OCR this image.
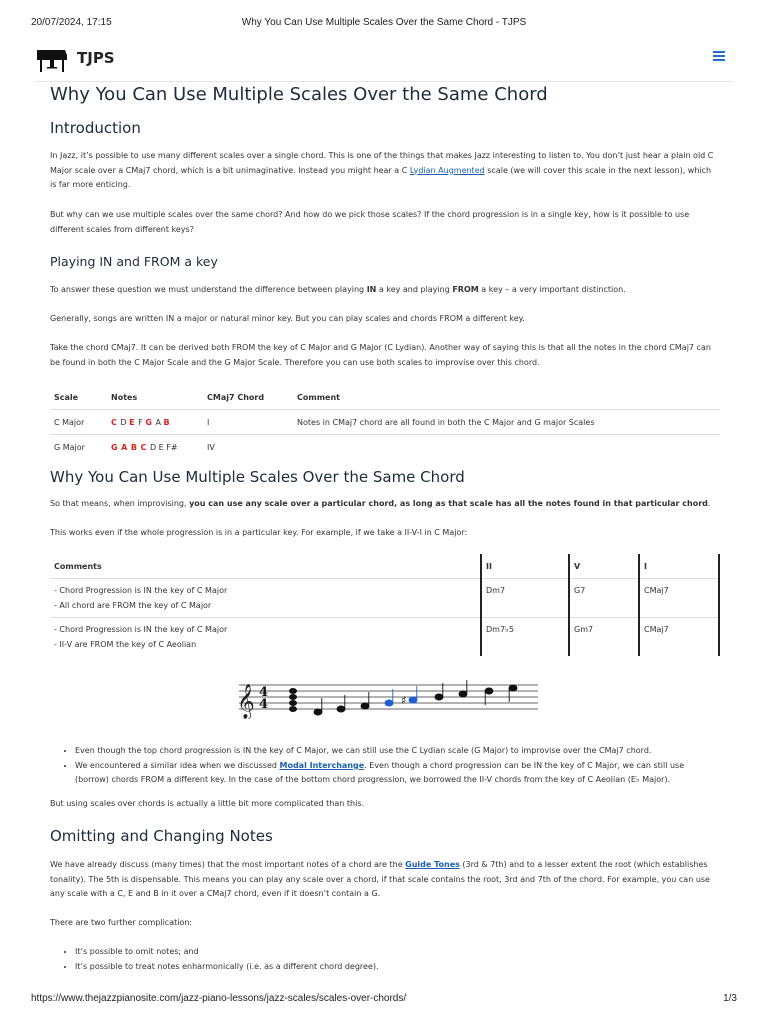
20/07/2024, 17:15	Why You Can Use Multiple Scales Over the Same Chord - TJPS
TJPS
Why You Can Use Multiple Scales Over the Same Chord
Introduction

In Jazz, it’s possible to use many different scales over a single chord. This is one of the things that makes Jazz interesting to listen to. You don’t just hear a plain old C Major scale over a CMaj7 chord, which is a bit unimaginative. Instead you might hear a C Lydian Augmented scale (we will cover this scale in the next lesson), which is far more enticing.

But why can we use multiple scales over the same chord? And how do we pick those scales? If the chord progression is in a single key, how is it possible to use different scales from different keys?

Playing IN and FROM a key

To answer these question we must understand the difference between playing IN a key and playing FROM a key – a very important distinction.

Generally, songs are written IN a major or natural minor key. But you can play scales and chords FROM a different key.

Take the chord CMaj7. It can be derived both FROM the key of C Major and G Major (C Lydian). Another way of saying this is that all the notes in the chord CMaj7 can be found in both the C Major Scale and the G Major Scale. Therefore you can use both scales to improvise over this chord.

Scale	Notes	CMaj7 Chord	Comment
C Major	C D E F G A B	I	Notes in CMaj7 chord are all found in both the C Major and G major Scales
G Major	G A B C D E F#	IV	
Why You Can Use Multiple Scales Over the Same Chord

So that means, when improvising, you can use any scale over a particular chord, as long as that scale has all the notes found in that particular chord.

This works even if the whole progression is in a particular key. For example, if we take a II-V-I in C Major:

Comments	II	V	I

- Chord Progression is IN the key of C Major
- All chord are FROM the key of C Major	Dm7	G7	CMaj7

- Chord Progression is IN the key of C Major
- II-V are FROM the key of C Aeolian	Dm7♭5	Gm7	CMaj7
𝄞 4
4	♯
• Even though the top chord progression is IN the key of C Major, we can still use the C Lydian scale (G Major) to improvise over the CMaj7 chord.
• We encountered a similar idea when we discussed Modal Interchange. Even though a chord progression can be IN the key of C Major, we can still use (borrow) chords FROM a different key. In the case of the bottom chord progression, we borrowed the II-V chords from the key of C Aeolian (E♭ Major).

But using scales over chords is actually a little bit more complicated than this.

Omitting and Changing Notes

We have already discuss (many times) that the most important notes of a chord are the Guide Tones (3rd & 7th) and to a lesser extent the root (which establishes tonality). The 5th is dispensable. This means you can play any scale over a chord, if that scale contains the root, 3rd and 7th of the chord. For example, you can use any scale with a C, E and B in it over a CMaj7 chord, even if it doesn’t contain a G.

There are two further complication:

• It’s possible to omit notes; and
• It’s possible to treat notes enharmonically (i.e. as a different chord degree).
https://www.thejazzpianosite.com/jazz-piano-lessons/jazz-scales/scales-over-chords/	1/3
